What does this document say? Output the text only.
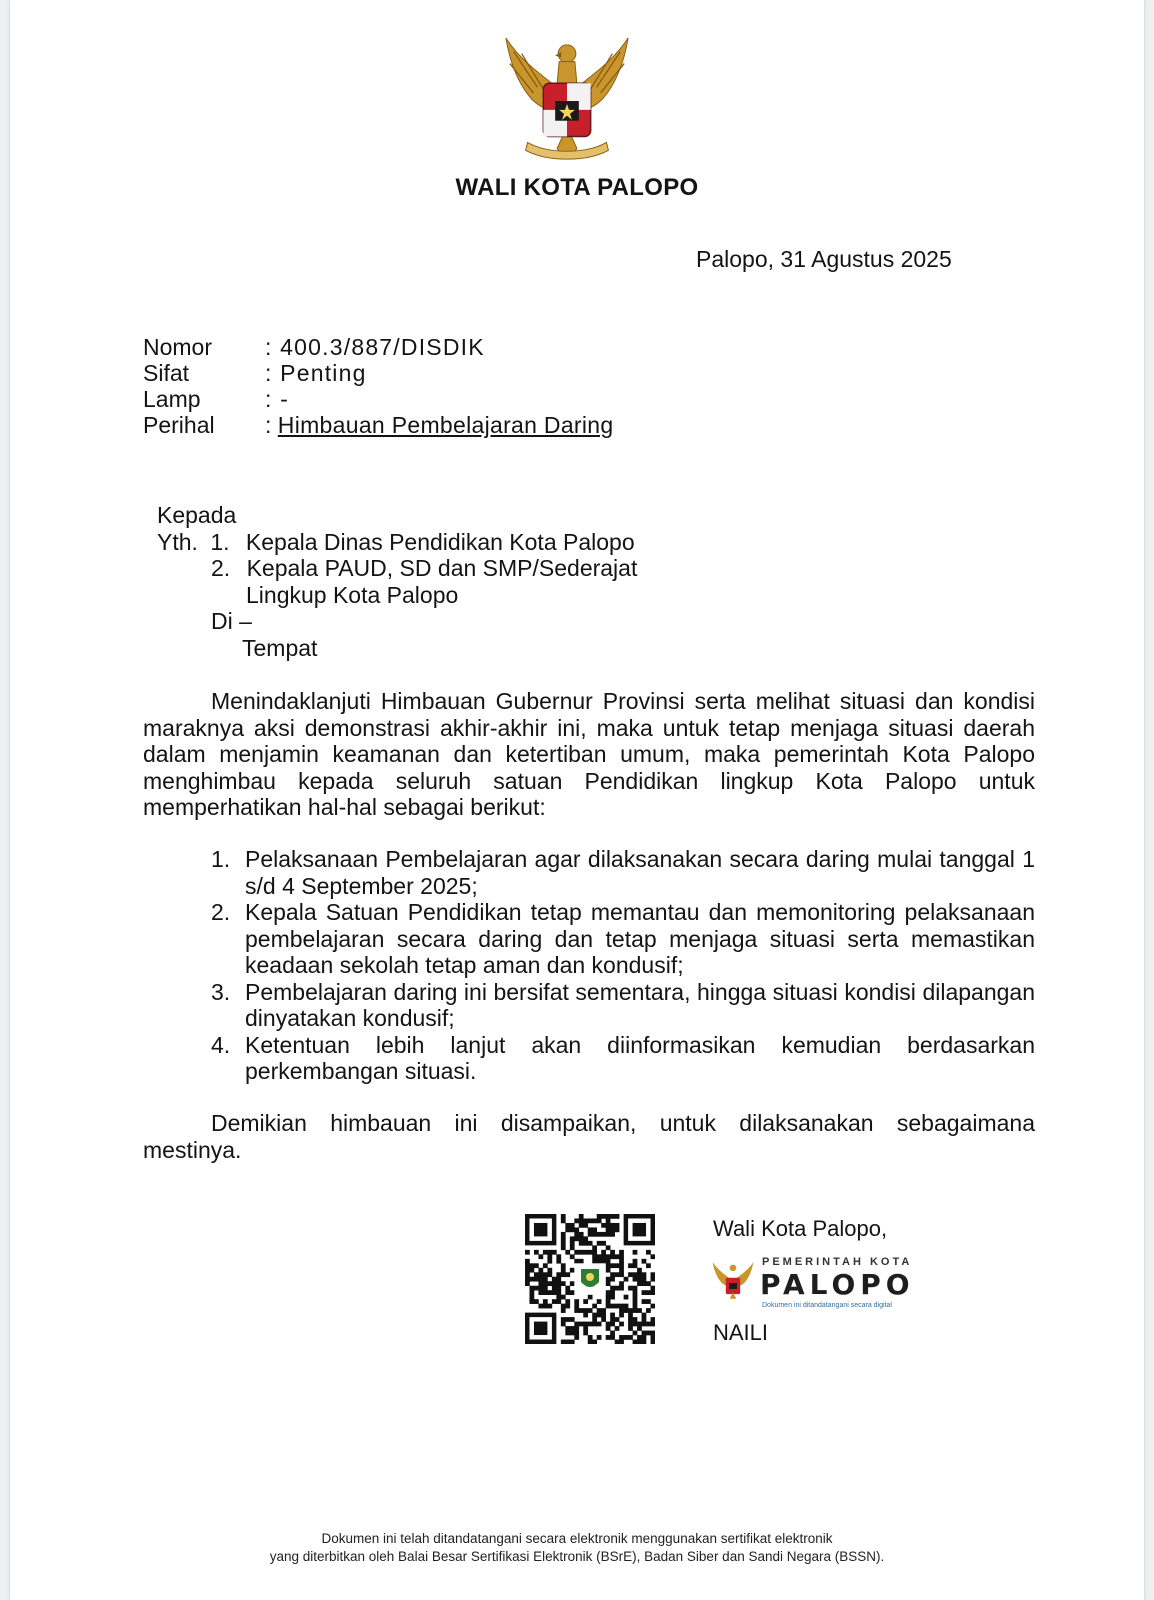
WALI KOTA PALOPO
Palopo, 31 Agustus 2025
Nomor	: 400.3/887/DISDIK
Sifat	: Penting
Lamp	: -
Perihal	: Himbauan Pembelajaran Daring
Kepada
Yth. 1. Kepala Dinas Pendidikan Kota Palopo
2. Kepala PAUD, SD dan SMP/Sederajat
Lingkup Kota Palopo
Di –
Tempat
Menindaklanjuti Himbauan Gubernur Provinsi serta melihat situasi dan kondisi maraknya aksi demonstrasi akhir-akhir ini, maka untuk tetap menjaga situasi daerah dalam menjamin keamanan dan ketertiban umum, maka pemerintah Kota Palopo menghimbau kepada seluruh satuan Pendidikan lingkup Kota Palopo untuk memperhatikan hal-hal sebagai berikut:
1. Pelaksanaan Pembelajaran agar dilaksanakan secara daring mulai tanggal 1 s/d 4 September 2025;
2. Kepala Satuan Pendidikan tetap memantau dan memonitoring pelaksanaan pembelajaran secara daring dan tetap menjaga situasi serta memastikan keadaan sekolah tetap aman dan kondusif;
3. Pembelajaran daring ini bersifat sementara, hingga situasi kondisi dilapangan dinyatakan kondusif;
4. Ketentuan lebih lanjut akan diinformasikan kemudian berdasarkan perkembangan situasi.
Demikian himbauan ini disampaikan, untuk dilaksanakan sebagaimana mestinya.
Wali Kota Palopo,
PEMERINTAH KOTA
PALOPO
Dokumen ini ditandatangani secara digital
NAILI
Dokumen ini telah ditandatangani secara elektronik menggunakan sertifikat elektronik
yang diterbitkan oleh Balai Besar Sertifikasi Elektronik (BSrE), Badan Siber dan Sandi Negara (BSSN).
